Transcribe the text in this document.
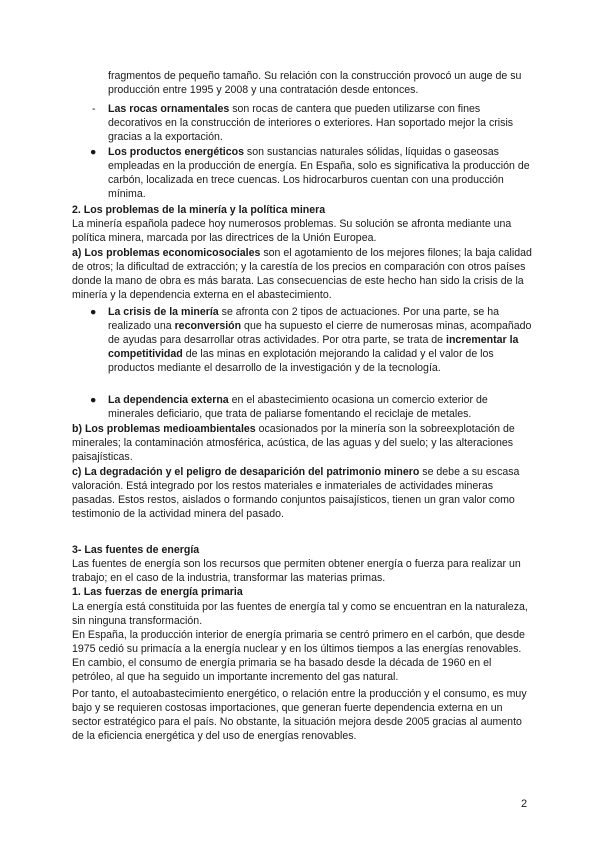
fragmentos de pequeño tamaño. Su relación con la construcción provocó un auge de su producción entre 1995 y 2008 y una contratación desde entonces.
- Las rocas ornamentales son rocas de cantera que pueden utilizarse con fines decorativos en la construcción de interiores o exteriores. Han soportado mejor la crisis gracias a la exportación.
● Los productos energéticos son sustancias naturales sólidas, líquidas o gaseosas empleadas en la producción de energía. En España, solo es significativa la producción de carbón, localizada en trece cuencas. Los hidrocarburos cuentan con una producción mínima.
2. Los problemas de la minería y la política minera
La minería española padece hoy numerosos problemas. Su solución se afronta mediante una política minera, marcada por las directrices de la Unión Europea.
a) Los problemas economicosociales son el agotamiento de los mejores filones; la baja calidad de otros; la dificultad de extracción; y la carestía de los precios en comparación con otros países donde la mano de obra es más barata. Las consecuencias de este hecho han sido la crisis de la minería y la dependencia externa en el abastecimiento.
● La crisis de la minería se afronta con 2 tipos de actuaciones. Por una parte, se ha realizado una reconversión que ha supuesto el cierre de numerosas minas, acompañado de ayudas para desarrollar otras actividades. Por otra parte, se trata de incrementar la competitividad de las minas en explotación mejorando la calidad y el valor de los productos mediante el desarrollo de la investigación y de la tecnología.
● La dependencia externa en el abastecimiento ocasiona un comercio exterior de minerales deficiario, que trata de paliarse fomentando el reciclaje de metales.
b) Los problemas medioambientales ocasionados por la minería son la sobreexplotación de minerales; la contaminación atmosférica, acústica, de las aguas y del suelo; y las alteraciones paisajísticas.
c) La degradación y el peligro de desaparición del patrimonio minero se debe a su escasa valoración. Está integrado por los restos materiales e inmateriales de actividades mineras pasadas. Estos restos, aislados o formando conjuntos paisajísticos, tienen un gran valor como testimonio de la actividad minera del pasado.
3- Las fuentes de energía
Las fuentes de energía son los recursos que permiten obtener energía o fuerza para realizar un trabajo; en el caso de la industria, transformar las materias primas.
1. Las fuerzas de energía primaria
La energía está constituida por las fuentes de energía tal y como se encuentran en la naturaleza, sin ninguna transformación.
En España, la producción interior de energía primaria se centró primero en el carbón, que desde 1975 cedió su primacía a la energía nuclear y en los últimos tiempos a las energías renovables. En cambio, el consumo de energía primaria se ha basado desde la década de 1960 en el petróleo, al que ha seguido un importante incremento del gas natural.
Por tanto, el autoabastecimiento energético, o relación entre la producción y el consumo, es muy bajo y se requieren costosas importaciones, que generan fuerte dependencia externa en un sector estratégico para el país. No obstante, la situación mejora desde 2005 gracias al aumento de la eficiencia energética y del uso de energías renovables.
2
